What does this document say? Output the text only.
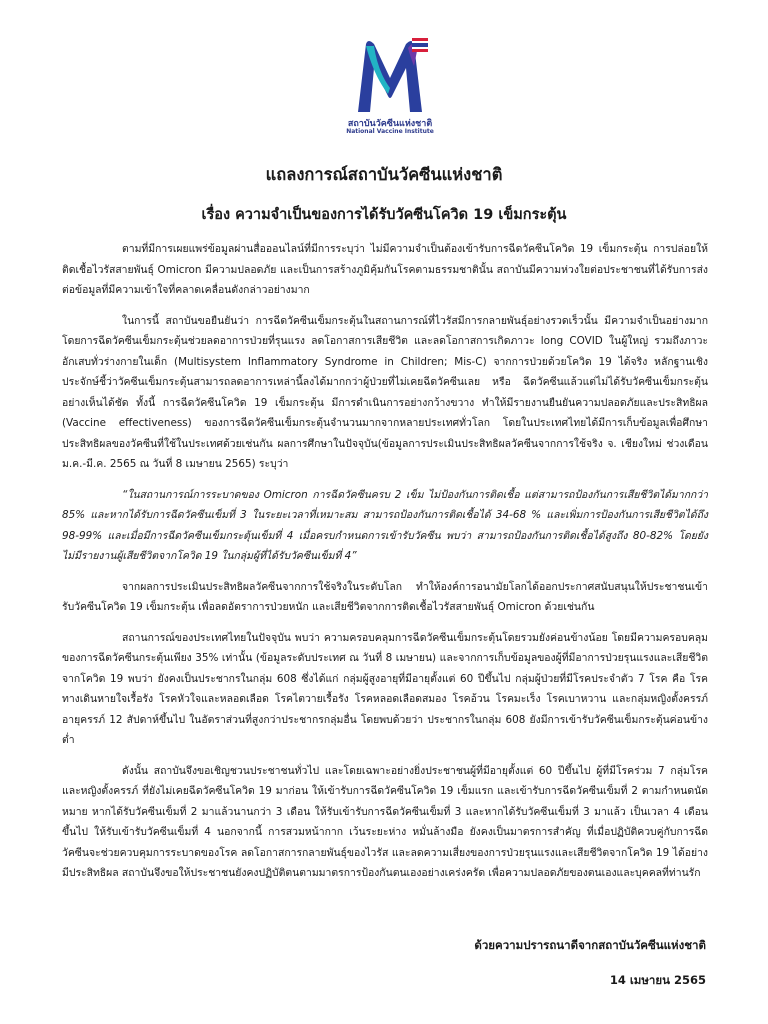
สถาบันวัคซีนแห่งชาติ
National Vaccine Institute
แถลงการณ์สถาบันวัคซีนแห่งชาติ
เรื่อง ความจำเป็นของการได้รับวัคซีนโควิด 19 เข็มกระตุ้น

ตามที่มีการเผยแพร่ข้อมูลผ่านสื่อออนไลน์ที่มีการระบุว่า ไม่มีความจำเป็นต้องเข้ารับการฉีดวัคซีนโควิด 19 เข็มกระตุ้น การปล่อยให้ติดเชื้อไวรัสสายพันธุ์ Omicron มีความปลอดภัย และเป็นการสร้างภูมิคุ้มกันโรคตามธรรมชาตินั้น สถาบันมีความห่วงใยต่อประชาชนที่ได้รับการส่งต่อข้อมูลที่มีความเข้าใจที่คลาดเคลื่อนดังกล่าวอย่างมาก

ในการนี้ สถาบันขอยืนยันว่า การฉีดวัคซีนเข็มกระตุ้นในสถานการณ์ที่ไวรัสมีการกลายพันธุ์อย่างรวดเร็วนั้น มีความจำเป็นอย่างมาก โดยการฉีดวัคซีนเข็มกระตุ้นช่วยลดอาการป่วยที่รุนแรง ลดโอกาสการเสียชีวิต และลดโอกาสการเกิดภาวะ long COVID ในผู้ใหญ่ รวมถึงภาวะอักเสบทั่วร่างกายในเด็ก (Multisystem Inflammatory Syndrome in Children; Mis-C) จากการป่วยด้วยโควิด 19 ได้จริง หลักฐานเชิงประจักษ์ชี้ว่าวัคซีนเข็มกระตุ้นสามารถลดอาการเหล่านี้ลงได้มากกว่าผู้ป่วยที่ไม่เคยฉีดวัคซีนเลย หรือ ฉีดวัคซีนแล้วแต่ไม่ได้รับวัคซีนเข็มกระตุ้นอย่างเห็นได้ชัด ทั้งนี้ การฉีดวัคซีนโควิด 19 เข็มกระตุ้น มีการดำเนินการอย่างกว้างขวาง ทำให้มีรายงานยืนยันความปลอดภัยและประสิทธิผล (Vaccine effectiveness) ของการฉีดวัคซีนเข็มกระตุ้นจำนวนมากจากหลายประเทศทั่วโลก โดยในประเทศไทยได้มีการเก็บข้อมูลเพื่อศึกษาประสิทธิผลของวัคซีนที่ใช้ในประเทศด้วยเช่นกัน ผลการศึกษาในปัจจุบัน(ข้อมูลการประเมินประสิทธิผลวัคซีนจากการใช้จริง จ. เชียงใหม่ ช่วงเดือน ม.ค.-มี.ค. 2565 ณ วันที่ 8 เมษายน 2565) ระบุว่า

“ในสถานการณ์การระบาดของ Omicron การฉีดวัคซีนครบ 2 เข็ม ไม่ป้องกันการติดเชื้อ แต่สามารถป้องกันการเสียชีวิตได้มากกว่า 85% และหากได้รับการฉีดวัคซีนเข็มที่ 3 ในระยะเวลาที่เหมาะสม สามารถป้องกันการติดเชื้อได้ 34-68 % และเพิ่มการป้องกันการเสียชีวิตได้ถึง 98-99% และเมื่อมีการฉีดวัคซีนเข็มกระตุ้นเข็มที่ 4 เมื่อครบกำหนดการเข้ารับวัคซีน พบว่า สามารถป้องกันการติดเชื้อได้สูงถึง 80-82% โดยยังไม่มีรายงานผู้เสียชีวิตจากโควิด 19 ในกลุ่มผู้ที่ได้รับวัคซีนเข็มที่ 4”

จากผลการประเมินประสิทธิผลวัคซีนจากการใช้จริงในระดับโลก ทำให้องค์การอนามัยโลกได้ออกประกาศสนับสนุนให้ประชาชนเข้ารับวัคซีนโควิด 19 เข็มกระตุ้น เพื่อลดอัตราการป่วยหนัก และเสียชีวิตจากการติดเชื้อไวรัสสายพันธุ์ Omicron ด้วยเช่นกัน

สถานการณ์ของประเทศไทยในปัจจุบัน พบว่า ความครอบคลุมการฉีดวัคซีนเข็มกระตุ้นโดยรวมยังค่อนข้างน้อย โดยมีความครอบคลุมของการฉีดวัคซีนกระตุ้นเพียง 35% เท่านั้น (ข้อมูลระดับประเทศ ณ วันที่ 8 เมษายน) และจากการเก็บข้อมูลของผู้ที่มีอาการป่วยรุนแรงและเสียชีวิตจากโควิด 19 พบว่า ยังคงเป็นประชากรในกลุ่ม 608 ซึ่งได้แก่ กลุ่มผู้สูงอายุที่มีอายุตั้งแต่ 60 ปีขึ้นไป กลุ่มผู้ป่วยที่มีโรคประจำตัว 7 โรค คือ โรคทางเดินหายใจเรื้อรัง โรคหัวใจและหลอดเลือด โรคไตวายเรื้อรัง โรคหลอดเลือดสมอง โรคอ้วน โรคมะเร็ง โรคเบาหวาน และกลุ่มหญิงตั้งครรภ์ อายุครรภ์ 12 สัปดาห์ขึ้นไป ในอัตราส่วนที่สูงกว่าประชากรกลุ่มอื่น โดยพบด้วยว่า ประชากรในกลุ่ม 608 ยังมีการเข้ารับวัคซีนเข็มกระตุ้นค่อนข้างต่ำ

ดังนั้น สถาบันจึงขอเชิญชวนประชาชนทั่วไป และโดยเฉพาะอย่างยิ่งประชาชนผู้ที่มีอายุตั้งแต่ 60 ปีขึ้นไป ผู้ที่มีโรคร่วม 7 กลุ่มโรค และหญิงตั้งครรภ์ ที่ยังไม่เคยฉีดวัคซีนโควิด 19 มาก่อน ให้เข้ารับการฉีดวัคซีนโควิด 19 เข็มแรก และเข้ารับการฉีดวัคซีนเข็มที่ 2 ตามกำหนดนัดหมาย หากได้รับวัคซีนเข็มที่ 2 มาแล้วนานกว่า 3 เดือน ให้รับเข้ารับการฉีดวัคซีนเข็มที่ 3 และหากได้รับวัคซีนเข็มที่ 3 มาแล้ว เป็นเวลา 4 เดือนขึ้นไป ให้รับเข้ารับวัคซีนเข็มที่ 4 นอกจากนี้ การสวมหน้ากาก เว้นระยะห่าง หมั่นล้างมือ ยังคงเป็นมาตรการสำคัญ ที่เมื่อปฏิบัติควบคู่กับการฉีดวัคซีนจะช่วยควบคุมการระบาดของโรค ลดโอกาสการกลายพันธุ์ของไวรัส และลดความเสี่ยงของการป่วยรุนแรงและเสียชีวิตจากโควิด 19 ได้อย่างมีประสิทธิผล สถาบันจึงขอให้ประชาชนยังคงปฏิบัติตนตามมาตรการป้องกันตนเองอย่างเคร่งครัด เพื่อความปลอดภัยของตนเองและบุคคลที่ท่านรัก

ด้วยความปรารถนาดีจากสถาบันวัคซีนแห่งชาติ
14 เมษายน 2565
